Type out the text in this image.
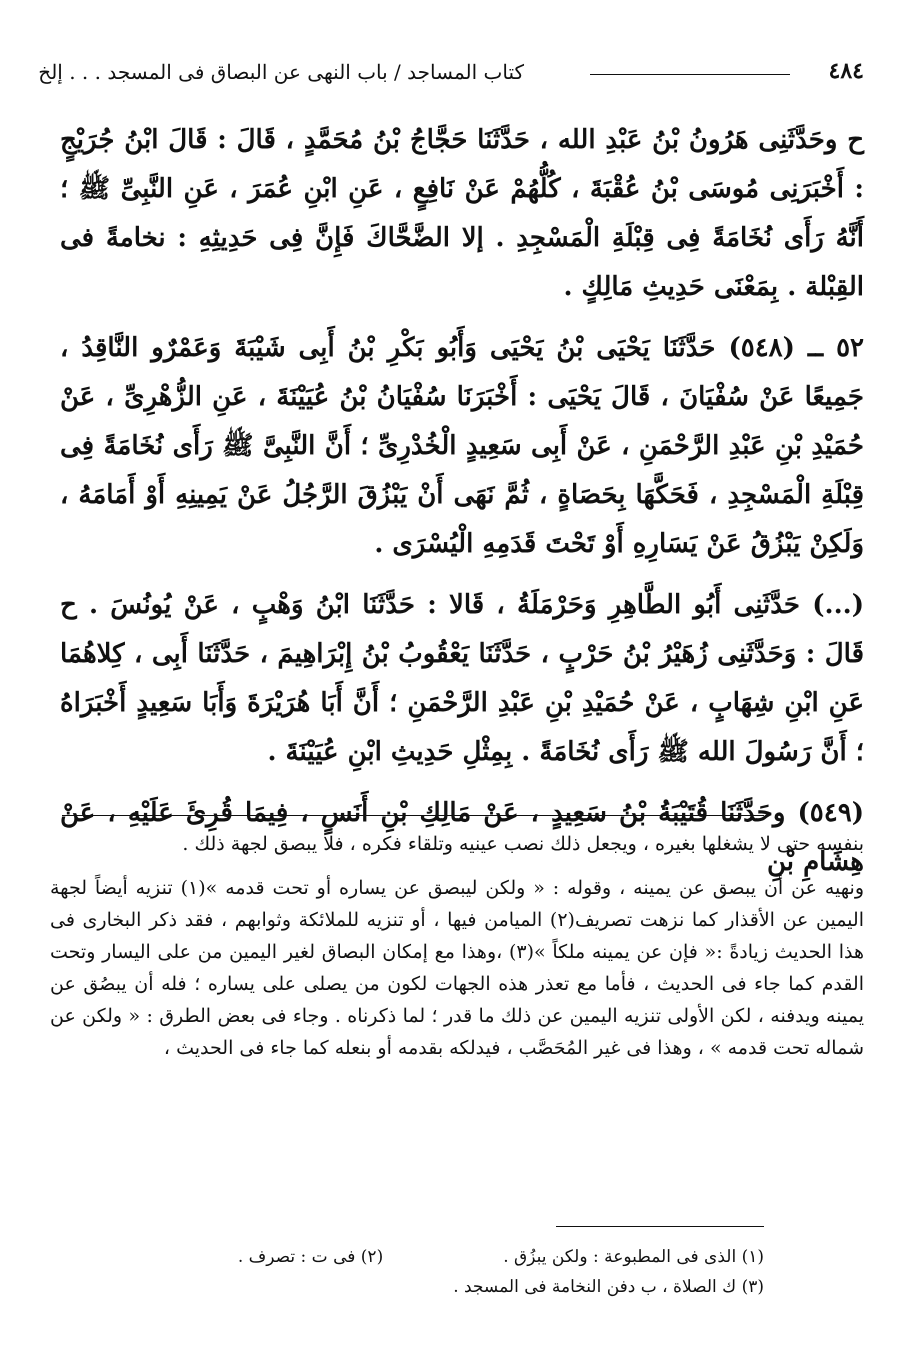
٤٨٤
كتاب المساجد / باب النهى عن البصاق فى المسجد . . . إلخ

ح وحَدَّثَنِى هَرُونُ بْنُ عَبْدِ الله ، حَدَّثَنَا حَجَّاجُ بْنُ مُحَمَّدٍ ، قَالَ : قَالَ ابْنُ جُرَيْجٍ : أَخْبَرَنِى مُوسَى بْنُ عُقْبَةَ ، كُلُّهُمْ عَنْ نَافِعٍ ، عَنِ ابْنِ عُمَرَ ، عَنِ النَّبِىِّ ﷺ ؛ أَنَّهُ رَأَى نُخَامَةً فِى قِبْلَةِ الْمَسْجِدِ . إلا الضَّحَّاكَ فَإِنَّ فِى حَدِيثِهِ : نخامةً فى القِبْلة . بِمَعْنَى حَدِيثِ مَالِكٍ .

٥٢ ــ (٥٤٨) حَدَّثَنَا يَحْيَى بْنُ يَحْيَى وَأَبُو بَكْرِ بْنُ أَبِى شَيْبَةَ وَعَمْرٌو النَّاقِدُ ، جَمِيعًا عَنْ سُفْيَانَ ، قَالَ يَحْيَى : أَخْبَرَنَا سُفْيَانُ بْنُ عُيَيْنَةَ ، عَنِ الزُّهْرِىِّ ، عَنْ حُمَيْدِ بْنِ عَبْدِ الرَّحْمَنِ ، عَنْ أَبِى سَعِيدٍ الْخُدْرِىِّ ؛ أَنَّ النَّبِىَّ ﷺ رَأَى نُخَامَةً فِى قِبْلَةِ الْمَسْجِدِ ، فَحَكَّهَا بِحَصَاةٍ ، ثُمَّ نَهَى أَنْ يَبْزُقَ الرَّجُلُ عَنْ يَمِينِهِ أَوْ أَمَامَهُ ، وَلَكِنْ يَبْزُقُ عَنْ يَسَارِهِ أَوْ تَحْتَ قَدَمِهِ الْيُسْرَى .

(...) حَدَّثَنِى أَبُو الطَّاهِرِ وَحَرْمَلَةُ ، قَالا : حَدَّثَنَا ابْنُ وَهْبٍ ، عَنْ يُونُسَ . ح قَالَ : وَحَدَّثَنِى زُهَيْرُ بْنُ حَرْبٍ ، حَدَّثَنَا يَعْقُوبُ بْنُ إِبْرَاهِيمَ ، حَدَّثَنَا أَبِى ، كِلاهُمَا عَنِ ابْنِ شِهَابٍ ، عَنْ حُمَيْدِ بْنِ عَبْدِ الرَّحْمَنِ ؛ أَنَّ أَبَا هُرَيْرَةَ وَأَبَا سَعِيدٍ أَخْبَرَاهُ ؛ أَنَّ رَسُولَ الله ﷺ رَأَى نُخَامَةً . بِمِثْلِ حَدِيثِ ابْنِ عُيَيْنَةَ .

(٥٤٩) وحَدَّثَنَا قُتَيْبَةُ بْنُ سَعِيدٍ ، عَنْ مَالِكِ بْنِ أَنَسٍ ، فِيمَا قُرِئَ عَلَيْهِ ، عَنْ هِشَامِ بْنِ

بنفسه حتى لا يشغلها بغيره ، ويجعل ذلك نصب عينيه وتلقاء فكره ، فلا يبصق لجهة ذلك .

ونهيه عن أن يبصق عن يمينه ، وقوله : « ولكن ليبصق عن يساره أو تحت قدمه »(١) تنزيه أيضاً لجهة اليمين عن الأقذار كما نزهت تصريف(٢) الميامن فيها ، أو تنزيه للملائكة وثوابهم ، فقد ذكر البخارى فى هذا الحديث زيادةً :« فإن عن يمينه ملكاً »(٣) ،وهذا مع إمكان البصاق لغير اليمين من على اليسار وتحت القدم كما جاء فى الحديث ، فأما مع تعذر هذه الجهات لكون من يصلى على يساره ؛ فله أن يبصُق عن يمينه ويدفنه ، لكن الأولى تنزيه اليمين عن ذلك ما قدر ؛ لما ذكرناه . وجاء فى بعض الطرق : « ولكن عن شماله تحت قدمه » ، وهذا فى غير المُحَصَّب ، فيدلكه بقدمه أو بنعله كما جاء فى الحديث ،

(١) الذى فى المطبوعة : ولكن يبزُق .
(٢) فى ت : تصرف .
(٣) ك الصلاة ، ب دفن النخامة فى المسجد .
